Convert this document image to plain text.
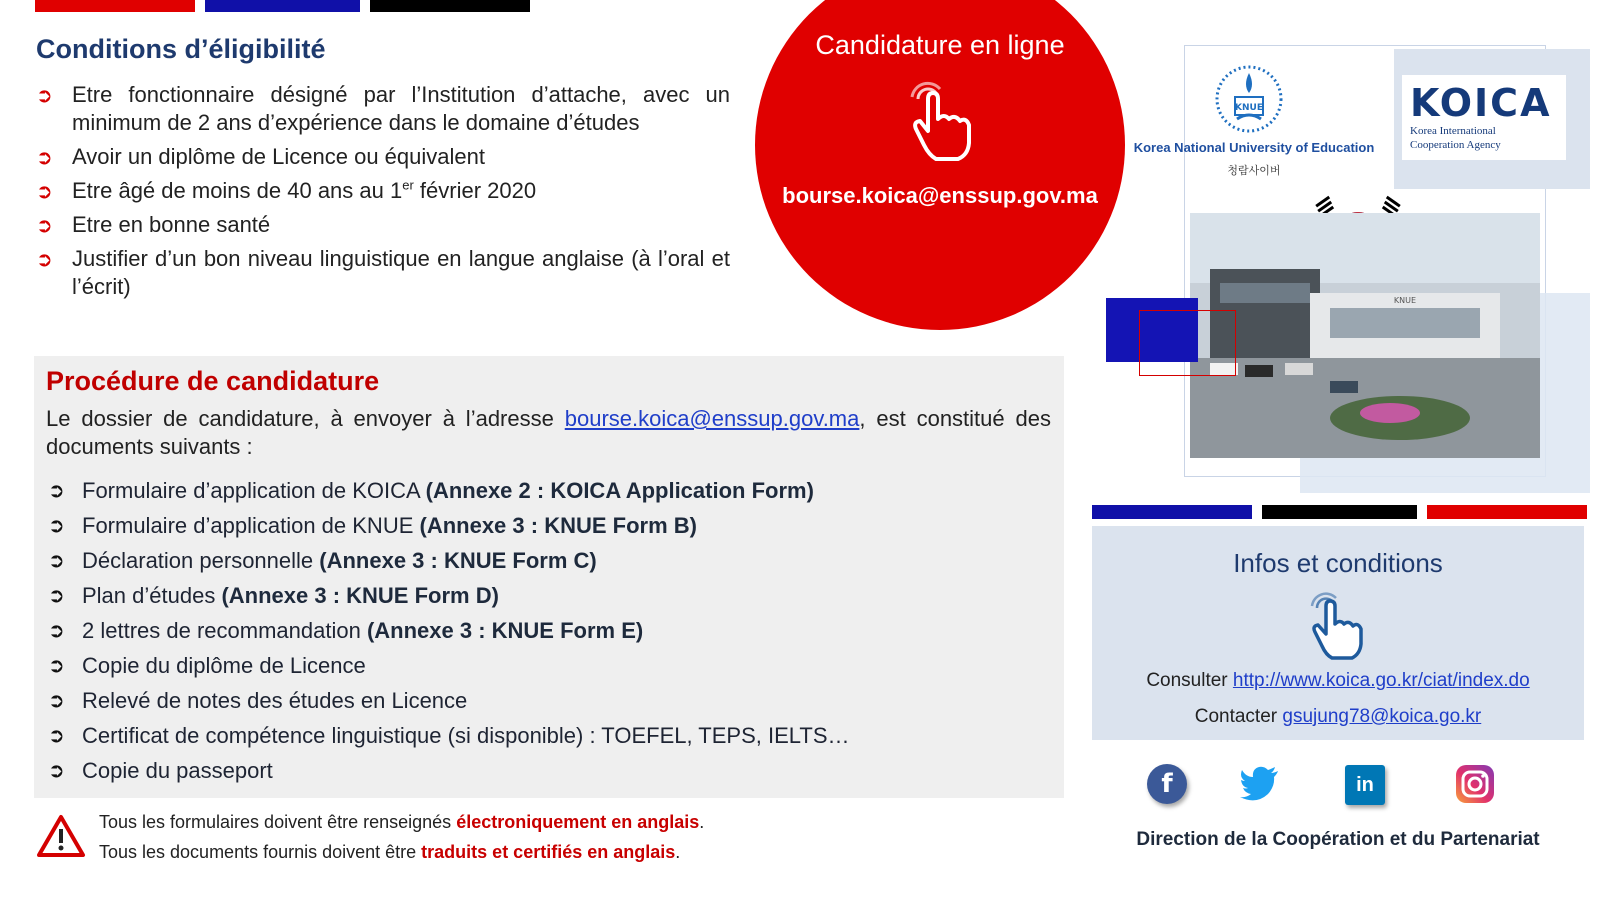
Conditions d’éligibilité
➲ Etre fonctionnaire désigné par l’Institution d’attache, avec un minimum de 2 ans d’expérience dans le domaine d’études
➲ Avoir un diplôme de Licence ou équivalent
➲ Etre âgé de moins de 40 ans au 1er février 2020
➲ Etre en bonne santé
➲ Justifier d’un bon niveau linguistique en langue anglaise (à l’oral et l’écrit)
Candidature en ligne
bourse.koica@enssup.gov.ma
Procédure de candidature
Le dossier de candidature, à envoyer à l’adresse bourse.koica@enssup.gov.ma, est constitué des documents suivants :
➲ Formulaire d’application de KOICA (Annexe 2 : KOICA Application Form)
➲ Formulaire d’application de KNUE (Annexe 3 : KNUE Form B)
➲ Déclaration personnelle (Annexe 3 : KNUE Form C)
➲ Plan d’études (Annexe 3 : KNUE Form D)
➲ 2 lettres de recommandation (Annexe 3 : KNUE Form E)
➲ Copie du diplôme de Licence
➲ Relevé de notes des études en Licence
➲ Certificat de compétence linguistique (si disponible) : TOEFEL, TEPS, IELTS…
➲ Copie du passeport
Tous les formulaires doivent être renseignés électroniquement en anglais.
Tous les documents fournis doivent être traduits et certifiés en anglais.
KNUE
Korea National University of Education
청람사이버
KOICA
Korea International
Cooperation Agency
KNUE
Infos et conditions
Consulter http://www.koica.go.kr/ciat/index.do
Contacter gsujung78@koica.go.kr
f	in
Direction de la Coopération et du Partenariat
